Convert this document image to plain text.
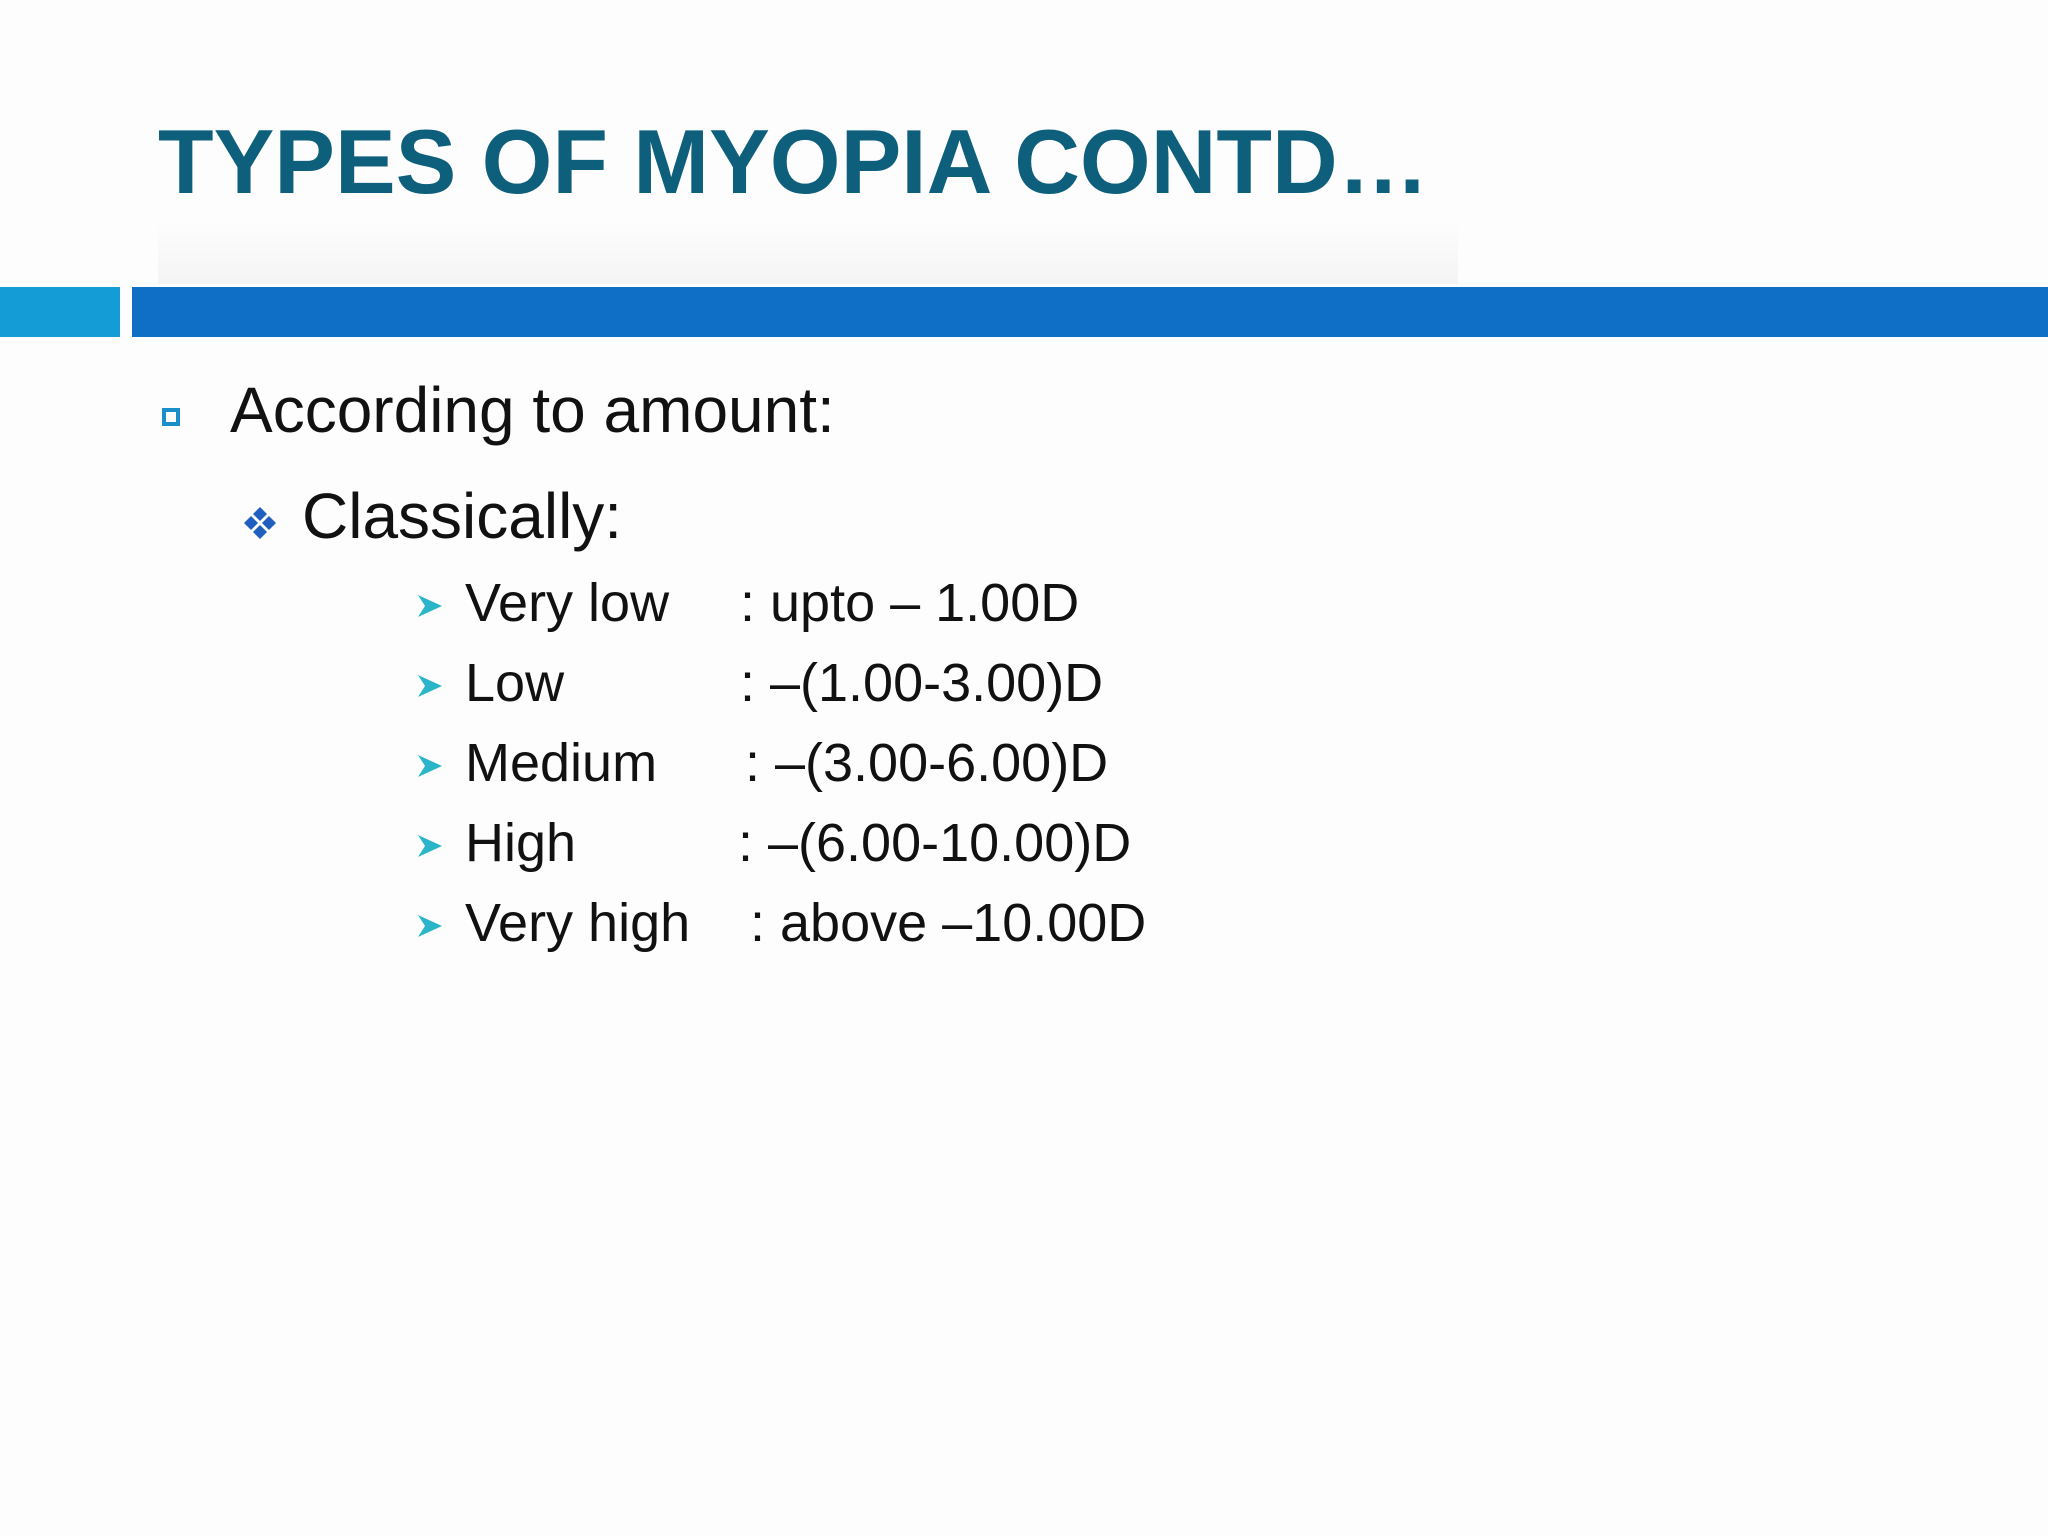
TYPES OF MYOPIA CONTD…
According to amount:
Classically:
Very low : upto – 1.00D
Low	: –(1.00-3.00)D
Medium : –(3.00-6.00)D
High	: –(6.00-10.00)D
Very high : above –10.00D
